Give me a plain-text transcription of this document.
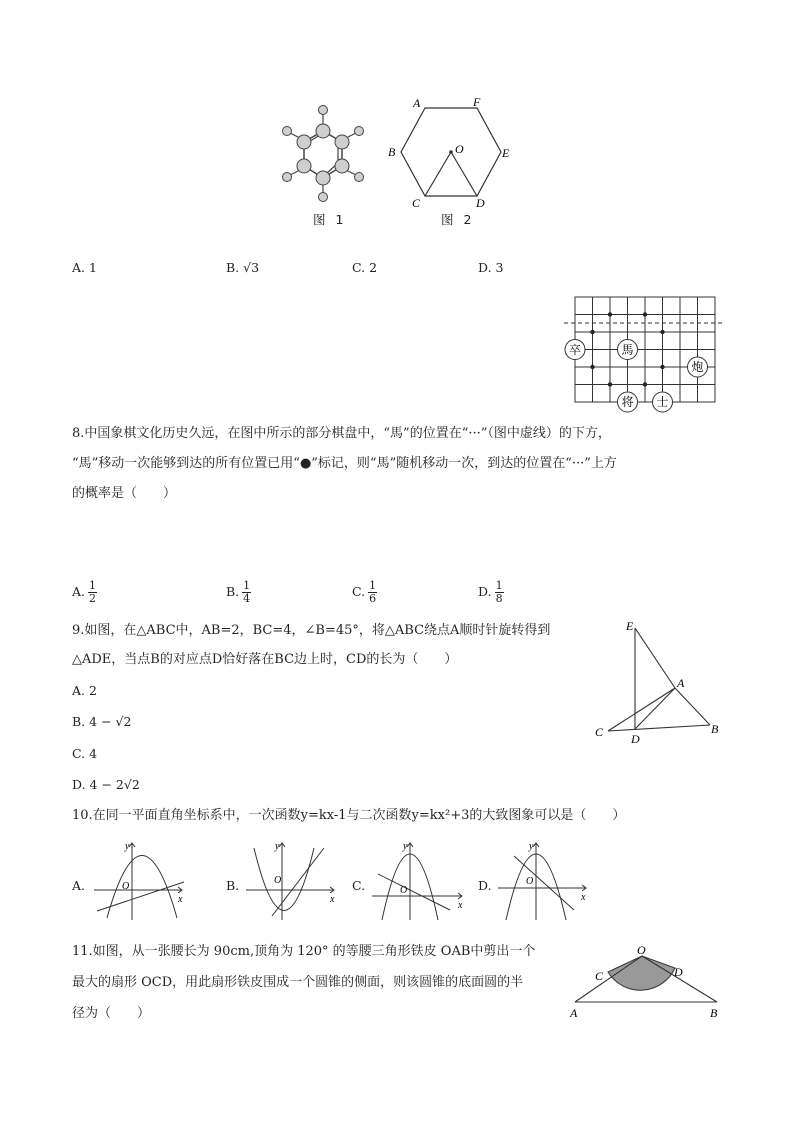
图 1
A	F
E
D
C
B	O
图 2
A. 1	B. √3	C. 2	D. 3
卒	馬
炮
将 士
8.中国象棋文化历史久远，在图中所示的部分棋盘中，“馬”的位置在“···”（图中虚线）的下方，
“馬”移动一次能够到达的所有位置已用“●”标记，则“馬”随机移动一次，到达的位置在“···”上方
的概率是（　　）
A. $\frac{1}{2}$	B. $\frac{1}{4}$	C. $\frac{1}{6}$	D. $\frac{1}{8}$
9.如图，在△ABC中，AB=2，BC=4，∠B=45°，将△ABC绕点A顺时针旋转得到
△ADE，当点B的对应点D恰好落在BC边上时，CD的长为（　　）
A. 2
B. 4 − √2
C. 4
D. 4 − 2√2
E
A
C D
B
10.在同一平面直角坐标系中，一次函数y=kx-1与二次函数y=kx²+3的大致图象可以是（　　）
A.
y
x
O	B.
y
x
O	C.
y
x
O	D.
y
x
O
11.如图，从一张腰长为 90cm,顶角为 120° 的等腰三角形铁皮 OAB中剪出一个
最大的扇形 OCD，用此扇形铁皮围成一个圆锥的侧面，则该圆锥的底面圆的半
径为（　　）
O
C	D
A	B
